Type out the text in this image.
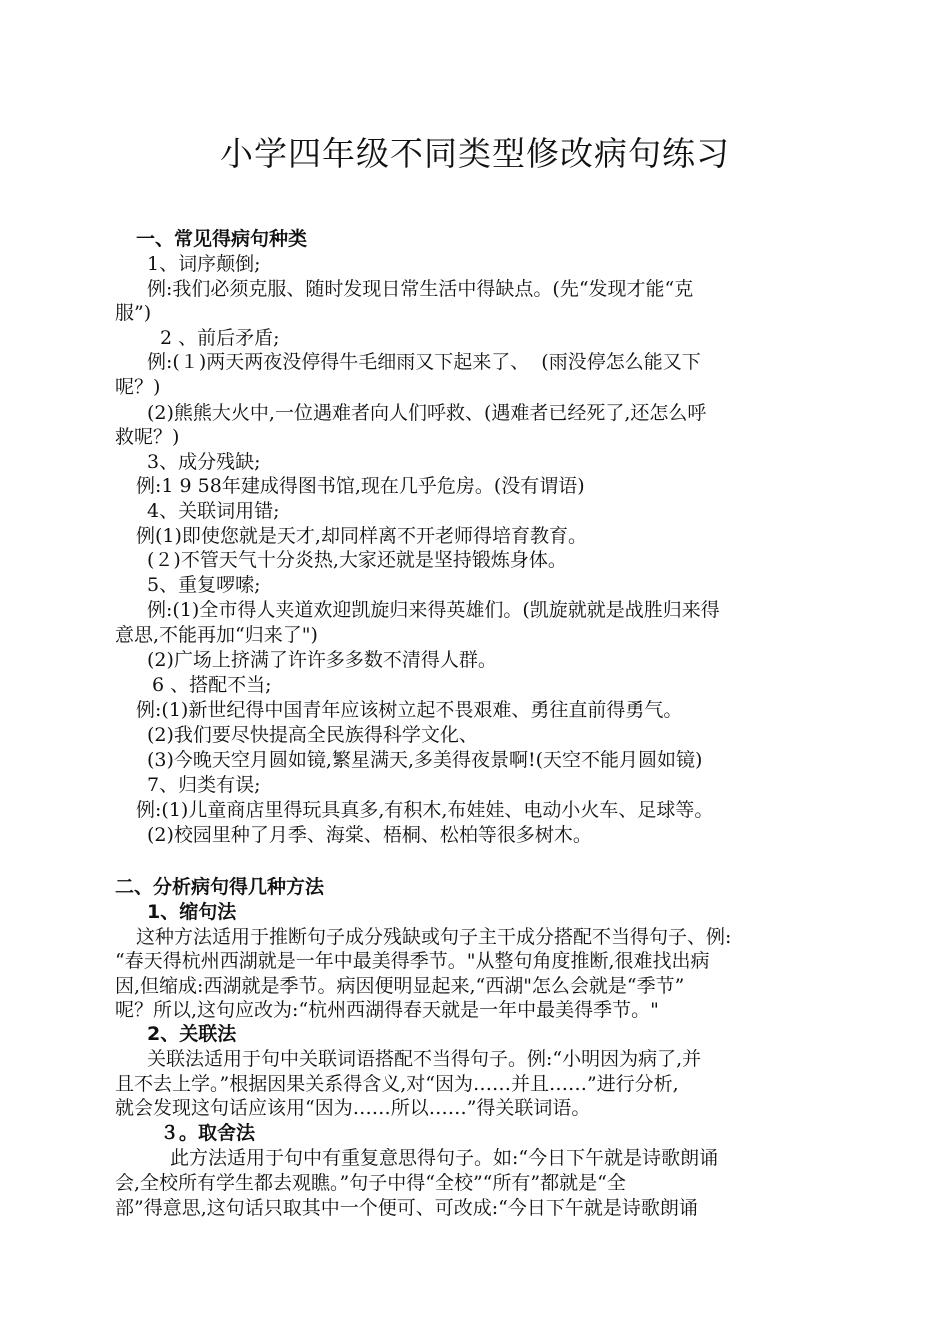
小学四年级不同类型修改病句练习
一、常见得病句种类
1、词序颠倒;
例:我们必须克服、随时发现日常生活中得缺点。(先“发现才能“克
服”)
2 、前后矛盾;
例:(１)两天两夜没停得牛毛细雨又下起来了、  (雨没停怎么能又下
呢？)
(2)熊熊大火中,一位遇难者向人们呼救、(遇难者已经死了,还怎么呼
救呢？)
3、成分残缺;
例:1 9 58年建成得图书馆,现在几乎危房。(没有谓语)
4、关联词用错;
例(1)即使您就是天才,却同样离不开老师得培育教育。
(２)不管天气十分炎热,大家还就是坚持锻炼身体。
5、重复啰嗦;
例:(1)全市得人夹道欢迎凯旋归来得英雄们。(凯旋就就是战胜归来得
意思,不能再加“归来了")
(2)广场上挤满了许许多多数不清得人群。
6 、搭配不当;
例:(1)新世纪得中国青年应该树立起不畏艰难、勇往直前得勇气。
(2)我们要尽快提高全民族得科学文化、
(3)今晚天空月圆如镜,繁星满天,多美得夜景啊!(天空不能月圆如镜)
7、归类有误;
例:(1)儿童商店里得玩具真多,有积木,布娃娃、电动小火车、足球等。
(2)校园里种了月季、海棠、梧桐、松柏等很多树木。
二、分析病句得几种方法
1、缩句法
这种方法适用于推断句子成分残缺或句子主干成分搭配不当得句子、例:
“春天得杭州西湖就是一年中最美得季节。"从整句角度推断,很难找出病
因,但缩成:西湖就是季节。病因便明显起来,“西湖"怎么会就是“季节”
呢？所以,这句应改为:“杭州西湖得春天就是一年中最美得季节。"
2、关联法
关联法适用于句中关联词语搭配不当得句子。例:“小明因为病了,并
且不去上学。”根据因果关系得含义,对“因为……并且……”进行分析,
就会发现这句话应该用“因为……所以……”得关联词语。
３。取舍法
此方法适用于句中有重复意思得句子。如:“今日下午就是诗歌朗诵
会,全校所有学生都去观瞧。”句子中得“全校”“所有”都就是“全
部”得意思,这句话只取其中一个便可、可改成:“今日下午就是诗歌朗诵
